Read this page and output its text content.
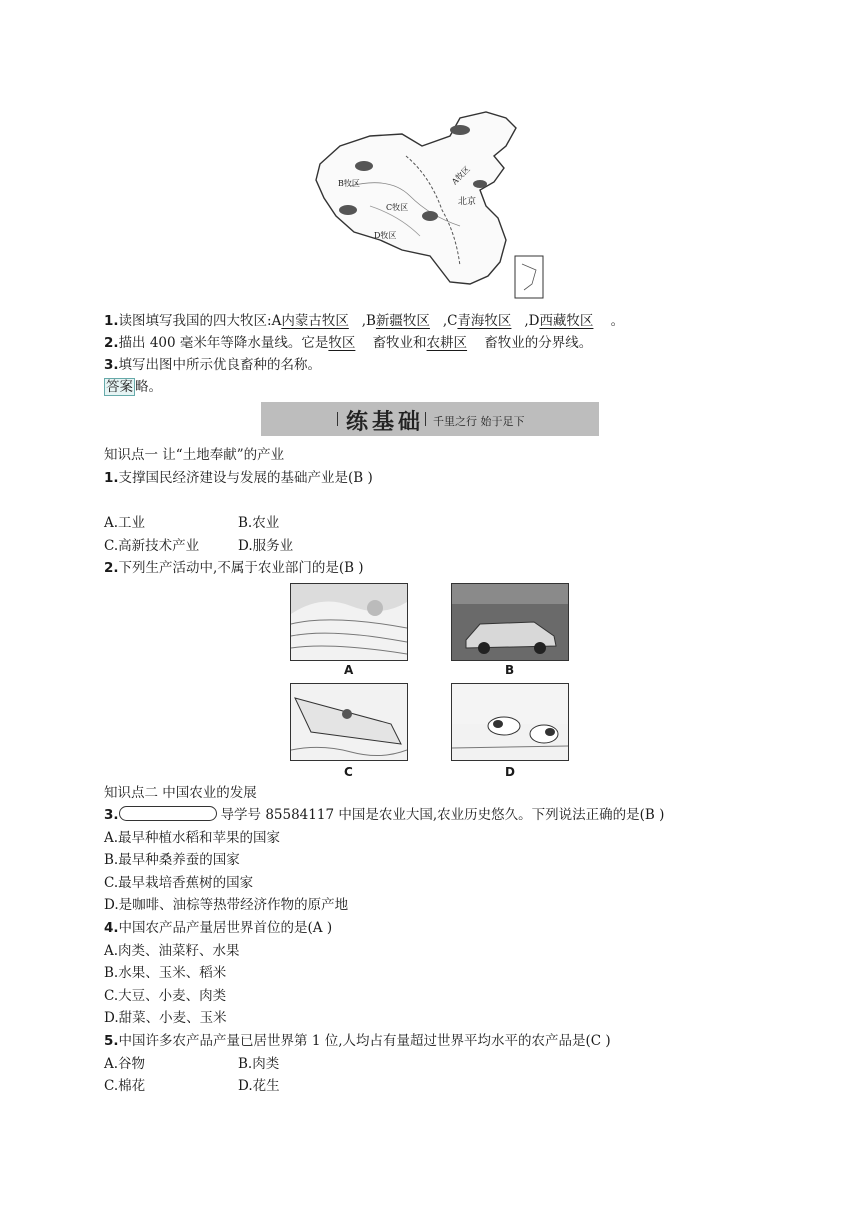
B牧区
C牧区
D牧区
A牧区
北京
1.读图填写我国的四大牧区:A内蒙古牧区 ,B新疆牧区 ,C青海牧区 ,D西藏牧区 。
2.描出 400 毫米年等降水量线。它是牧区 畜牧业和农耕区 畜牧业的分界线。
3.填写出图中所示优良畜种的名称。
答案 略。
练基础 千里之行 始于足下
知识点一 让“土地奉献”的产业
1.支撑国民经济建设与发展的基础产业是(B )
A.工业	B.农业
C.高新技术产业	D.服务业
2.下列生产活动中,不属于农业部门的是(B )
A	B
C	D
知识点二 中国农业的发展
3.	导学号 85584117 中国是农业大国,农业历史悠久。下列说法正确的是(B )
A.最早种植水稻和苹果的国家
B.最早种桑养蚕的国家
C.最早栽培香蕉树的国家
D.是咖啡、油棕等热带经济作物的原产地
4.中国农产品产量居世界首位的是(A )
A.肉类、油菜籽、水果
B.水果、玉米、稻米
C.大豆、小麦、肉类
D.甜菜、小麦、玉米
5.中国许多农产品产量已居世界第 1 位,人均占有量超过世界平均水平的农产品是(C )
A.谷物	B.肉类
C.棉花	D.花生
